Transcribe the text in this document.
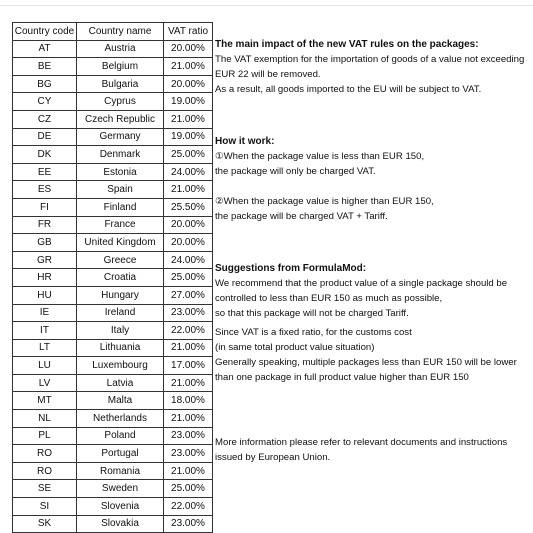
Country code	Country name	VAT ratio
AT	Austria	20.00%
BE	Belgium	21.00%
BG	Bulgaria	20.00%
CY	Cyprus	19.00%
CZ	Czech Republic	21.00%
DE	Germany	19.00%
DK	Denmark	25.00%
EE	Estonia	24.00%
ES	Spain	21.00%
FI	Finland	25.50%
FR	France	20.00%
GB	United Kingdom	20.00%
GR	Greece	24.00%
HR	Croatia	25.00%
HU	Hungary	27.00%
IE	Ireland	23.00%
IT	Italy	22.00%
LT	Lithuania	21.00%
LU	Luxembourg	17.00%
LV	Latvia	21.00%
MT	Malta	18.00%
NL	Netherlands	21.00%
PL	Poland	23.00%
RO	Portugal	23.00%
RO	Romania	21.00%
SE	Sweden	25.00%
SI	Slovenia	22.00%
SK	Slovakia	23.00%

The main impact of the new VAT rules on the packages:

The VAT exemption for the importation of goods of a value not exceeding

EUR 22 will be removed.

As a result, all goods imported to the EU will be subject to VAT.

How it work:

①When the package value is less than EUR 150,

the package will only be charged VAT.

②When the package value is higher than EUR 150,

the package will be charged VAT + Tariff.

Suggestions from FormulaMod:

We recommend that the product value of a single package should be

controlled to less than EUR 150 as much as possible,

so that this package will not be charged Tariff.

Since VAT is a fixed ratio, for the customs cost

(in same total product value situation)

Generally speaking, multiple packages less than EUR 150 will be lower

than one package in full product value higher than EUR 150

More information please refer to relevant documents and instructions

issued by European Union.
